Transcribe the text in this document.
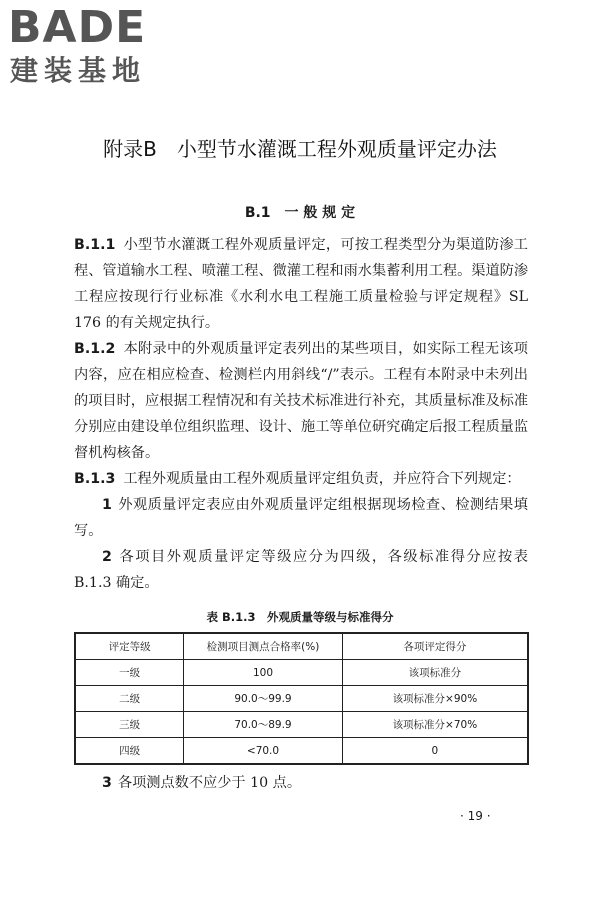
BADE
建装基地
附录B　小型节水灌溉工程外观质量评定办法
B.1　一 般 规 定

B.1.1 小型节水灌溉工程外观质量评定，可按工程类型分为渠道防渗工程、管道输水工程、喷灌工程、微灌工程和雨水集蓄利用工程。渠道防渗工程应按现行行业标准《水利水电工程施工质量检验与评定规程》SL 176 的有关规定执行。

B.1.2 本附录中的外观质量评定表列出的某些项目，如实际工程无该项内容，应在相应检查、检测栏内用斜线“/”表示。工程有本附录中未列出的项目时，应根据工程情况和有关技术标准进行补充，其质量标准及标准分别应由建设单位组织监理、设计、施工等单位研究确定后报工程质量监督机构核备。

B.1.3 工程外观质量由工程外观质量评定组负责，并应符合下列规定：

1 外观质量评定表应由外观质量评定组根据现场检查、检测结果填写。

2 各项目外观质量评定等级应分为四级，各级标准得分应按表 B.1.3 确定。

表 B.1.3　外观质量等级与标准得分
评定等级	检测项目测点合格率(%)	各项评定得分
一级	100	该项标准分
二级	90.0～99.9	该项标准分×90%
三级	70.0～89.9	该项标准分×70%
四级	<70.0	0

3 各项测点数不应少于 10 点。

· 19 ·
